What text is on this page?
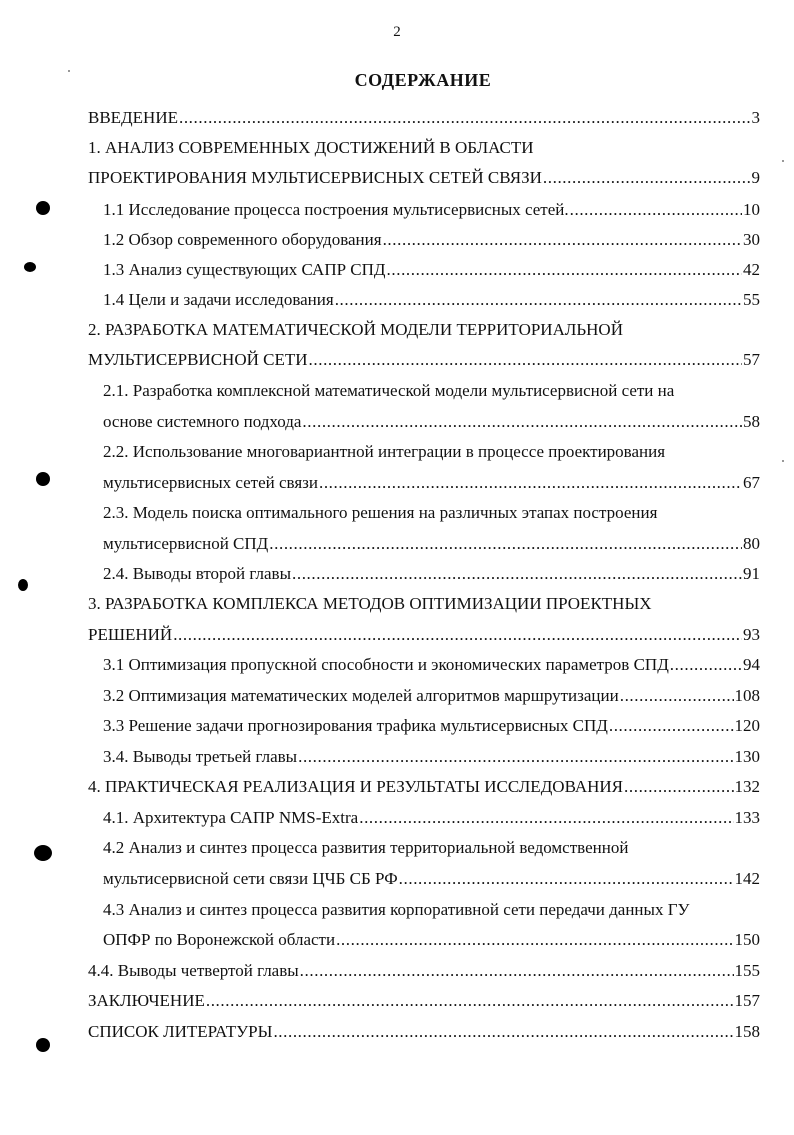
2
СОДЕРЖАНИЕ
ВВЕДЕНИЕ .....	3
1. АНАЛИЗ СОВРЕМЕННЫХ ДОСТИЖЕНИЙ В ОБЛАСТИ
ПРОЕКТИРОВАНИЯ МУЛЬТИСЕРВИСНЫХ СЕТЕЙ СВЯЗИ .....	9
1.1 Исследование процесса построения мультисервисных сетей. .....	10
1.2 Обзор современного оборудования .....	30
1.3 Анализ существующих САПР СПД .....	42
1.4 Цели и задачи исследования .....	55
2. РАЗРАБОТКА МАТЕМАТИЧЕСКОЙ МОДЕЛИ ТЕРРИТОРИАЛЬНОЙ
МУЛЬТИСЕРВИСНОЙ СЕТИ .....	57
2.1. Разработка комплексной математической модели мультисервисной сети на
основе системного подхода .....	58
2.2. Использование многовариантной интеграции в процессе проектирования
мультисервисных сетей связи .....	67
2.3. Модель поиска оптимального решения на различных этапах построения
мультисервисной СПД .....	80
2.4. Выводы второй главы .....	91
3. РАЗРАБОТКА КОМПЛЕКСА МЕТОДОВ ОПТИМИЗАЦИИ ПРОЕКТНЫХ
РЕШЕНИЙ .....	93
3.1 Оптимизация пропускной способности и экономических параметров СПД .....	94
3.2 Оптимизация математических моделей алгоритмов маршрутизации .....	108
3.3 Решение задачи прогнозирования трафика мультисервисных СПД .....	120
3.4. Выводы третьей главы .....	130
4. ПРАКТИЧЕСКАЯ РЕАЛИЗАЦИЯ И РЕЗУЛЬТАТЫ ИССЛЕДОВАНИЯ .....	132
4.1. Архитектура САПР NMS-Extra .....	133
4.2 Анализ и синтез процесса развития территориальной ведомственной
мультисервисной сети связи ЦЧБ СБ РФ .....	142
4.3 Анализ и синтез процесса развития корпоративной сети передачи данных ГУ
ОПФР по Воронежской области .....	150
4.4. Выводы четвертой главы .....	155
ЗАКЛЮЧЕНИЕ .....	157
СПИСОК ЛИТЕРАТУРЫ .....	158
